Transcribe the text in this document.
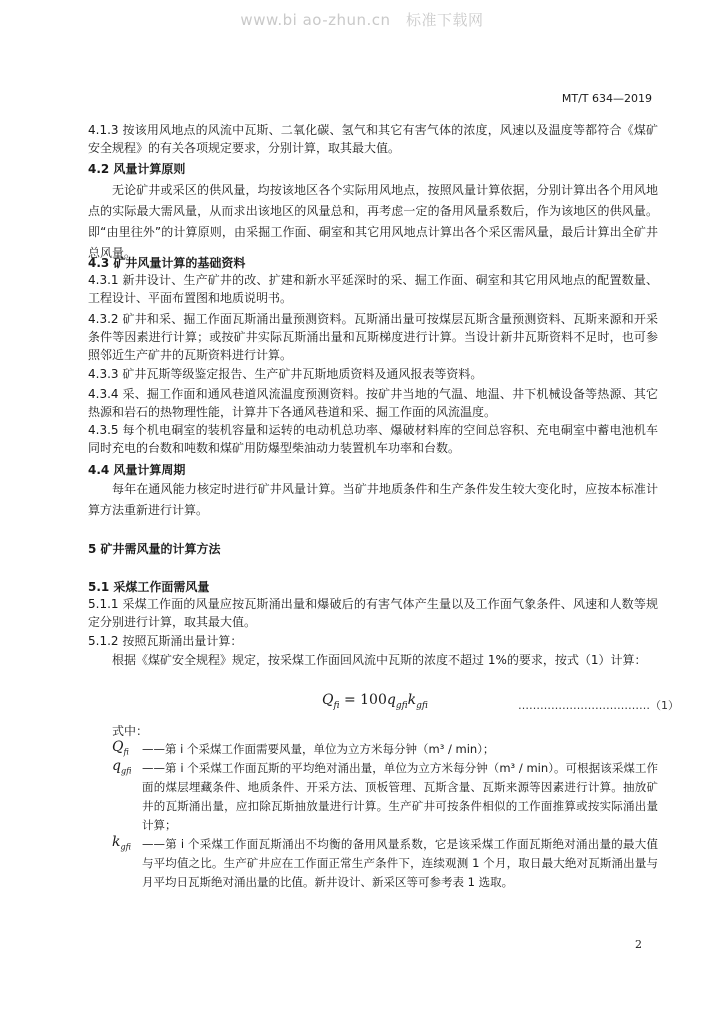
www.bi ao-zhun.cn　标准下载网
MT/T 634—2019
4.1.3 按该用风地点的风流中瓦斯、二氧化碳、氢气和其它有害气体的浓度，风速以及温度等都符合《煤矿安全规程》的有关各项规定要求，分别计算，取其最大值。
4.2 风量计算原则
无论矿井或采区的供风量，均按该地区各个实际用风地点，按照风量计算依据，分别计算出各个用风地点的实际最大需风量，从而求出该地区的风量总和，再考虑一定的备用风量系数后，作为该地区的供风量。即“由里往外”的计算原则，由采掘工作面、硐室和其它用风地点计算出各个采区需风量，最后计算出全矿井总风量。
4.3 矿井风量计算的基础资料
4.3.1 新井设计、生产矿井的改、扩建和新水平延深时的采、掘工作面、硐室和其它用风地点的配置数量、工程设计、平面布置图和地质说明书。
4.3.2 矿井和采、掘工作面瓦斯涌出量预测资料。瓦斯涌出量可按煤层瓦斯含量预测资料、瓦斯来源和开采条件等因素进行计算；或按矿井实际瓦斯涌出量和瓦斯梯度进行计算。当设计新井瓦斯资料不足时，也可参照邻近生产矿井的瓦斯资料进行计算。
4.3.3 矿井瓦斯等级鉴定报告、生产矿井瓦斯地质资料及通风报表等资料。
4.3.4 采、掘工作面和通风巷道风流温度预测资料。按矿井当地的气温、地温、井下机械设备等热源、其它热源和岩石的热物理性能，计算井下各通风巷道和采、掘工作面的风流温度。
4.3.5 每个机电硐室的装机容量和运转的电动机总功率、爆破材料库的空间总容积、充电硐室中蓄电池机车同时充电的台数和吨数和煤矿用防爆型柴油动力装置机车功率和台数。
4.4 风量计算周期
每年在通风能力核定时进行矿井风量计算。当矿井地质条件和生产条件发生较大变化时，应按本标准计算方法重新进行计算。
5 矿井需风量的计算方法
5.1 采煤工作面需风量
5.1.1 采煤工作面的风量应按瓦斯涌出量和爆破后的有害气体产生量以及工作面气象条件、风速和人数等规定分别进行计算，取其最大值。
5.1.2 按照瓦斯涌出量计算：
根据《煤矿安全规程》规定，按采煤工作面回风流中瓦斯的浓度不超过 1%的要求，按式（1）计算：
$Q_{fi} = 100q_{gfi}k_{gfi}$	………………………………（1）
式中：
$Q_{fi}$ ——第 i 个采煤工作面需要风量，单位为立方米每分钟（m³ / min）；
$q_{gfi}$ ——第 i 个采煤工作面瓦斯的平均绝对涌出量，单位为立方米每分钟（m³ / min）。可根据该采煤工作面的煤层埋藏条件、地质条件、开采方法、顶板管理、瓦斯含量、瓦斯来源等因素进行计算。抽放矿井的瓦斯涌出量，应扣除瓦斯抽放量进行计算。生产矿井可按条件相似的工作面推算或按实际涌出量计算；
$k_{gfi}$ ——第 i 个采煤工作面瓦斯涌出不均衡的备用风量系数，它是该采煤工作面瓦斯绝对涌出量的最大值与平均值之比。生产矿井应在工作面正常生产条件下，连续观测 1 个月，取日最大绝对瓦斯涌出量与月平均日瓦斯绝对涌出量的比值。新井设计、新采区等可参考表 1 选取。
2
